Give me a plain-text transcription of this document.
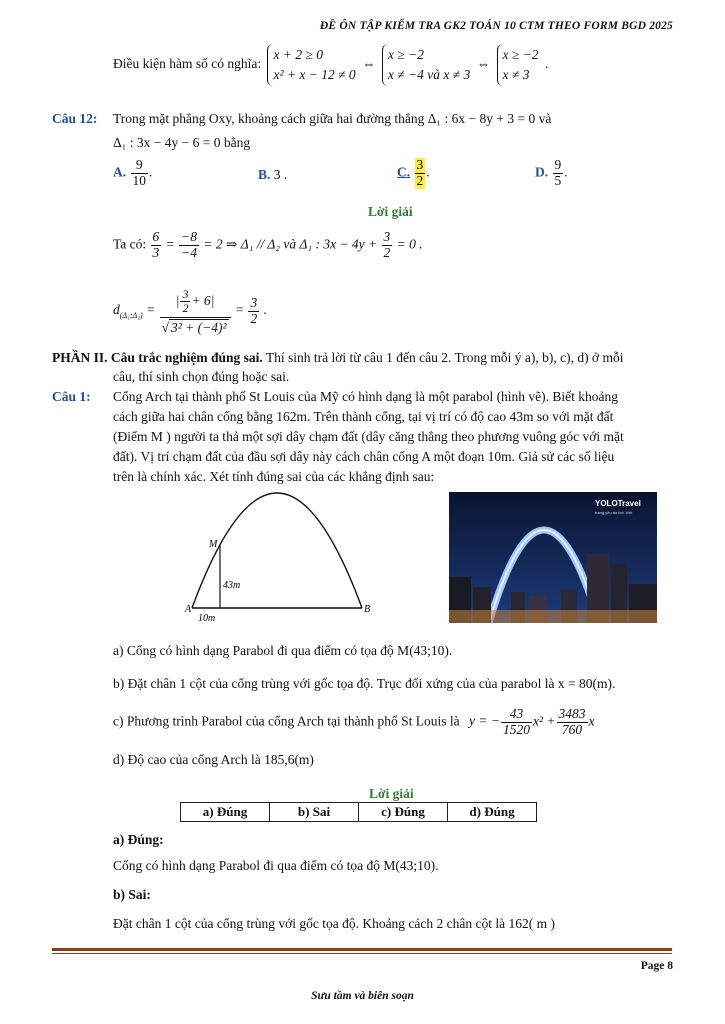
ĐỀ ÔN TẬP KIỂM TRA GK2 TOÁN 10 CTM THEO FORM BGD 2025
Điều kiện hàm số có nghĩa:
x + 2 ≥ 0
x² + x − 12 ≠ 0
⇔
x ≥ −2
x ≠ −4 và x ≠ 3
⇔
x ≥ −2
x ≠ 3
.
Câu 12: Trong mặt phẳng Oxy, khoảng cách giữa hai đường thẳng Δ₁ : 6x − 8y + 3 = 0 và
Δ₁ : 3x − 4y − 6 = 0 bằng
A. $\frac{9}{10}$ .	B. 3 .	C. $\frac{3}{2}$ .	D. $\frac{9}{5}$ .
Lời giải
Ta có: $\frac{6}{3} = \frac{-8}{-4} = 2$ ⇒ Δ₁ // Δ₂ và Δ₁ : $3x - 4y + \frac{3}{2} = 0$ .
$d_{(\Delta_1;\Delta_2)} = \frac{| \frac{3}{2} + 6|}{\text{√ 3² + (−4)²}} = \frac{3}{2}$ .
PHẦN II. Câu trắc nghiệm đúng sai. Thí sinh trả lời từ câu 1 đến câu 2. Trong mỗi ý a), b), c), d) ở mỗi
câu, thí sinh chọn đúng hoặc sai.
Câu 1: Cổng Arch tại thành phố St Louis của Mỹ có hình dạng là một parabol (hình vẽ). Biết khoảng
cách giữa hai chân cổng bằng 162m. Trên thành cổng, tại vị trí có độ cao 43m so với mặt đất
(Điểm M ) người ta thả một sợi dây chạm đất (dây căng thẳng theo phương vuông góc với mặt
đất). Vị trí chạm đất của đầu sợi dây này cách chân cổng A một đoạn 10m. Giả sử các số liệu
trên là chính xác. Xét tính đúng sai của các khẳng định sau:
M
43m
A	B
10m
YOLOTravel
trang yêu du lịch Việt
a) Cổng có hình dạng Parabol đi qua điểm có tọa độ M(43;10).
b) Đặt chân 1 cột của cổng trùng với gốc tọa độ. Trục đối xứng của của parabol là x = 80(m).
c) Phương trình Parabol của cổng Arch tại thành phố St Louis là y = − $\frac{43}{1520} x^2 + \frac{3483}{760}$ x
d) Độ cao của cổng Arch là 185,6(m)
Lời giải
a) Đúng	b) Sai	c) Đúng	d) Đúng
a) Đúng:
Cổng có hình dạng Parabol đi qua điểm có tọa độ M(43;10).
b) Sai:
Đặt chân 1 cột của cổng trùng với gốc tọa độ. Khoảng cách 2 chân cột là 162( m )
Page 8
Sưu tầm và biên soạn
